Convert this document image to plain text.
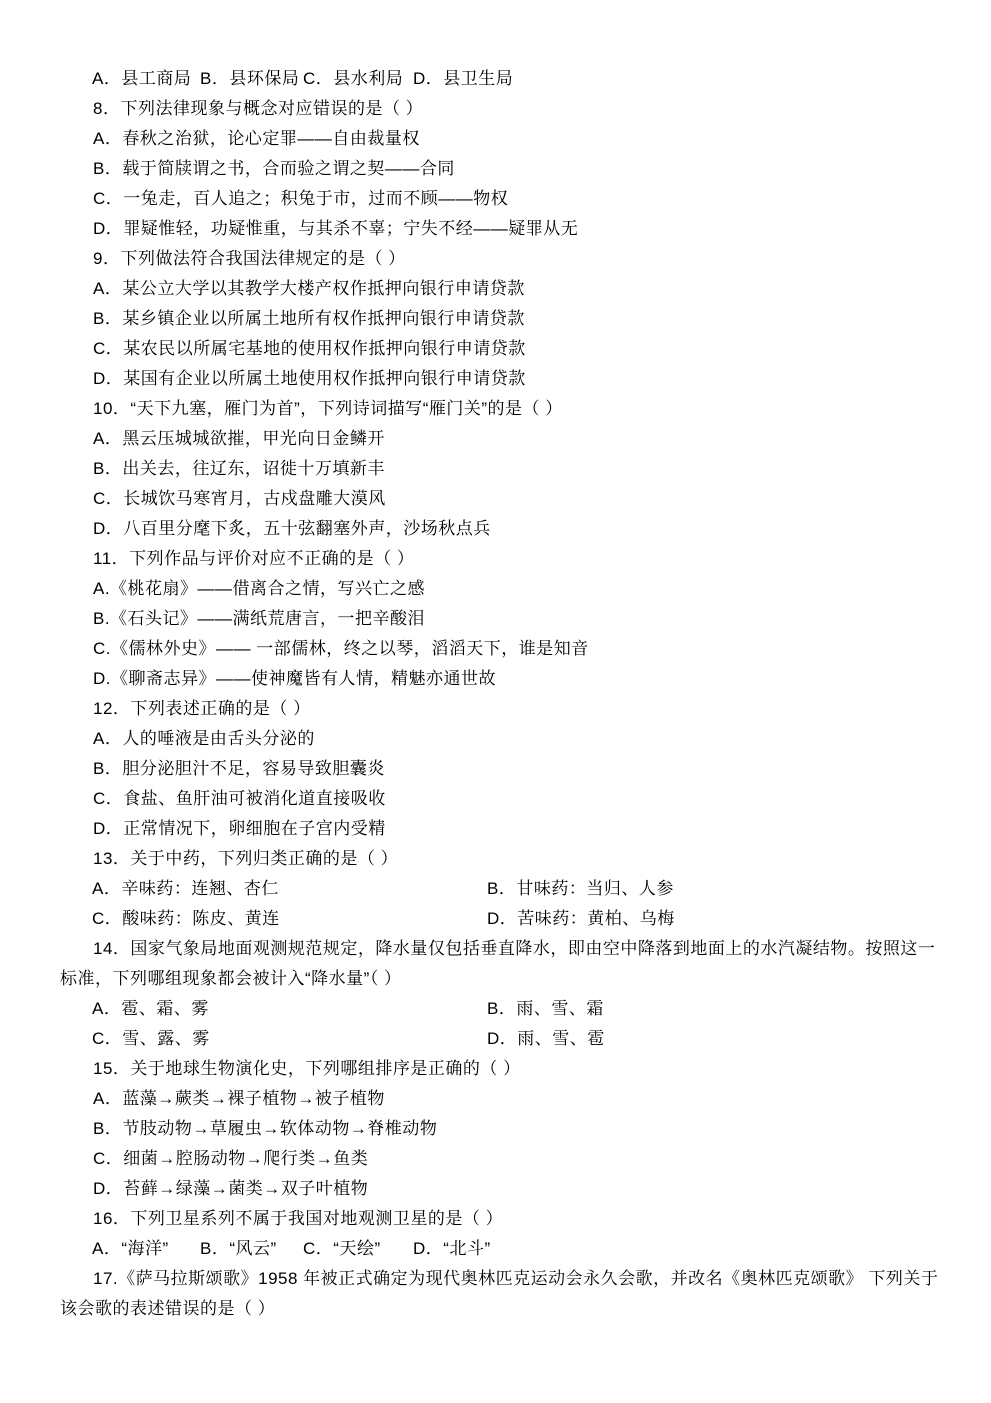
A．县工商局 B．县环保局 C．县水利局 D．县卫生局
8．下列法律现象与概念对应错误的是（ ）
A．春秋之治狱，论心定罪——自由裁量权
B．载于简牍谓之书，合而验之谓之契——合同
C．一兔走，百人追之；积兔于市，过而不顾——物权
D．罪疑惟轻，功疑惟重，与其杀不辜；宁失不经——疑罪从无
9．下列做法符合我国法律规定的是（ ）
A．某公立大学以其教学大楼产权作抵押向银行申请贷款
B．某乡镇企业以所属土地所有权作抵押向银行申请贷款
C．某农民以所属宅基地的使用权作抵押向银行申请贷款
D．某国有企业以所属土地使用权作抵押向银行申请贷款
10．“天下九塞，雁门为首”，下列诗词描写“雁门关”的是（ ）
A．黑云压城城欲摧，甲光向日金鳞开
B．出关去，往辽东，诏徙十万填新丰
C．长城饮马寒宵月，古戍盘雕大漠风
D．八百里分麾下炙，五十弦翻塞外声，沙场秋点兵
11．下列作品与评价对应不正确的是（ ）
A.《桃花扇》——借离合之情，写兴亡之感
B.《石头记》——满纸荒唐言，一把辛酸泪
C.《儒林外史》—— 一部儒林，终之以琴，滔滔天下，谁是知音
D.《聊斋志异》——使神魔皆有人情，精魅亦通世故
12．下列表述正确的是（ ）
A．人的唾液是由舌头分泌的
B．胆分泌胆汁不足，容易导致胆囊炎
C．食盐、鱼肝油可被消化道直接吸收
D．正常情况下，卵细胞在子宫内受精
13．关于中药，下列归类正确的是（ ）
A．辛味药：连翘、杏仁	B．甘味药：当归、人参
C．酸味药：陈皮、黄连	D．苦味药：黄柏、乌梅
14．国家气象局地面观测规范规定，降水量仅包括垂直降水，即由空中降落到地面上的水汽凝结物。按照这一
标准，下列哪组现象都会被计入“降水量”（ ）
A．雹、霜、雾	B．雨、雪、霜
C．雪、露、雾	D．雨、雪、雹
15．关于地球生物演化史，下列哪组排序是正确的（ ）
A．蓝藻→蕨类→裸子植物→被子植物
B．节肢动物→草履虫→软体动物→脊椎动物
C．细菌→腔肠动物→爬行类→鱼类
D．苔藓→绿藻→菌类→双子叶植物
16．下列卫星系列不属于我国对地观测卫星的是（ ）
A．“海洋”	B．“风云”	C．“天绘”	D．“北斗”
17.《萨马拉斯颂歌》1958 年被正式确定为现代奥林匹克运动会永久会歌，并改名《奥林匹克颂歌》 下列关于
该会歌的表述错误的是（ ）
